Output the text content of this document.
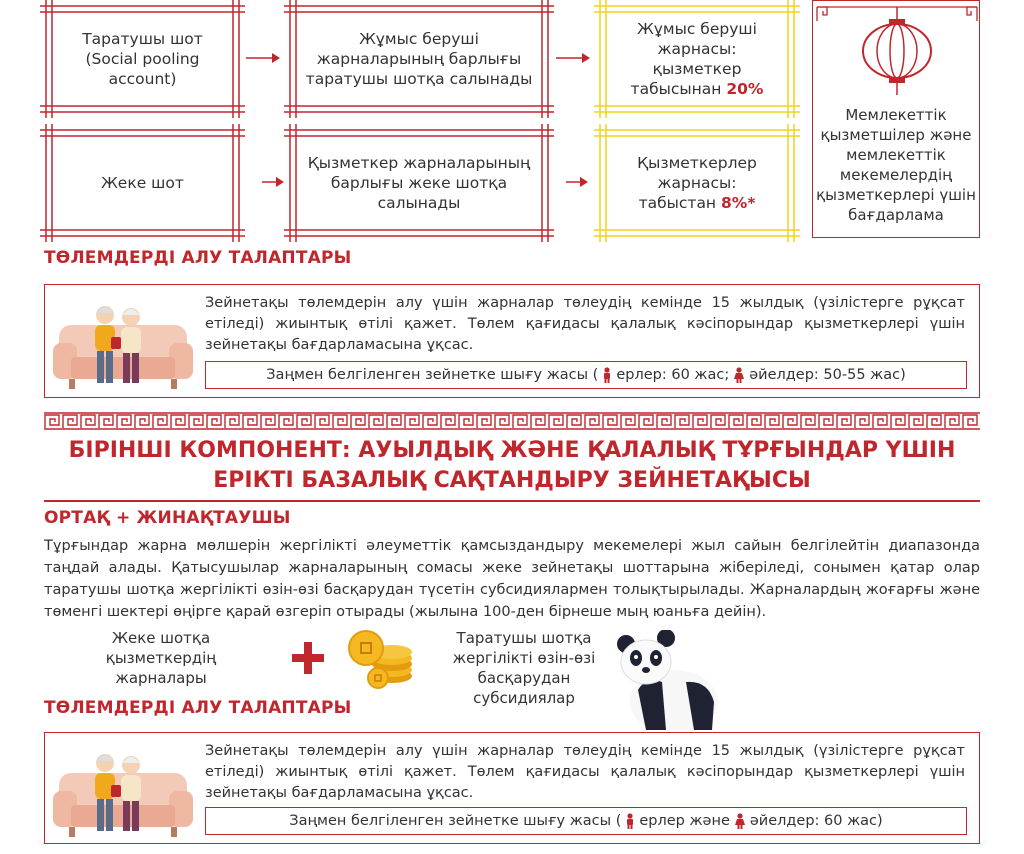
Таратушы шот (Social pooling account)
Жұмыс беруші жарналарының барлығы таратушы шотқа салынады
Жұмыс беруші жарнасы: қызметкер табысынан 20%
Жеке шот
Қызметкер жарналарының барлығы жеке шотқа салынады
Қызметкерлер жарнасы: табыстан 8%*
Мемлекеттік қызметшілер және мемлекеттік мекемелердің қызметкерлері үшін бағдарлама
ТӨЛЕМДЕРДІ АЛУ ТАЛАПТАРЫ
Зейнетақы төлемдерін алу үшін жарналар төлеудің кемінде 15 жылдық (үзілістерге рұқсат етіледі) жиынтық өтілі қажет. Төлем қағидасы қалалық кәсіпорындар қызметкерлері үшін зейнетақы бағдарламасына ұқсас.
Заңмен белгіленген зейнетке шығу жасы ( ерлер: 60 жас; әйелдер: 50-55 жас)
БІРІНШІ КОМПОНЕНТ: АУЫЛДЫҚ ЖӘНЕ ҚАЛАЛЫҚ ТҰРҒЫНДАР ҮШІН
ЕРІКТІ БАЗАЛЫҚ САҚТАНДЫРУ ЗЕЙНЕТАҚЫСЫ
ОРТАҚ + ЖИНАҚТАУШЫ
Тұрғындар жарна мөлшерін жергілікті әлеуметтік қамсыздандыру мекемелері жыл сайын белгілейтін диапазонда таңдай алады. Қатысушылар жарналарының сомасы жеке зейнетақы шоттарына жіберіледі, сонымен қатар олар таратушы шотқа жергілікті өзін-өзі басқарудан түсетін субсидиялармен толықтырылады. Жарналардың жоғарғы және төменгі шектері өңірге қарай өзгеріп отырады (жылына 100-ден бірнеше мың юаньға дейін).
Жеке шотқа қызметкердің жарналары
Таратушы шотқа жергілікті өзін-өзі басқарудан субсидиялар
ТӨЛЕМДЕРДІ АЛУ ТАЛАПТАРЫ
Зейнетақы төлемдерін алу үшін жарналар төлеудің кемінде 15 жылдық (үзілістерге рұқсат етіледі) жиынтық өтілі қажет. Төлем қағидасы қалалық кәсіпорындар қызметкерлері үшін зейнетақы бағдарламасына ұқсас.
Заңмен белгіленген зейнетке шығу жасы ( ерлер және әйелдер: 60 жас)
